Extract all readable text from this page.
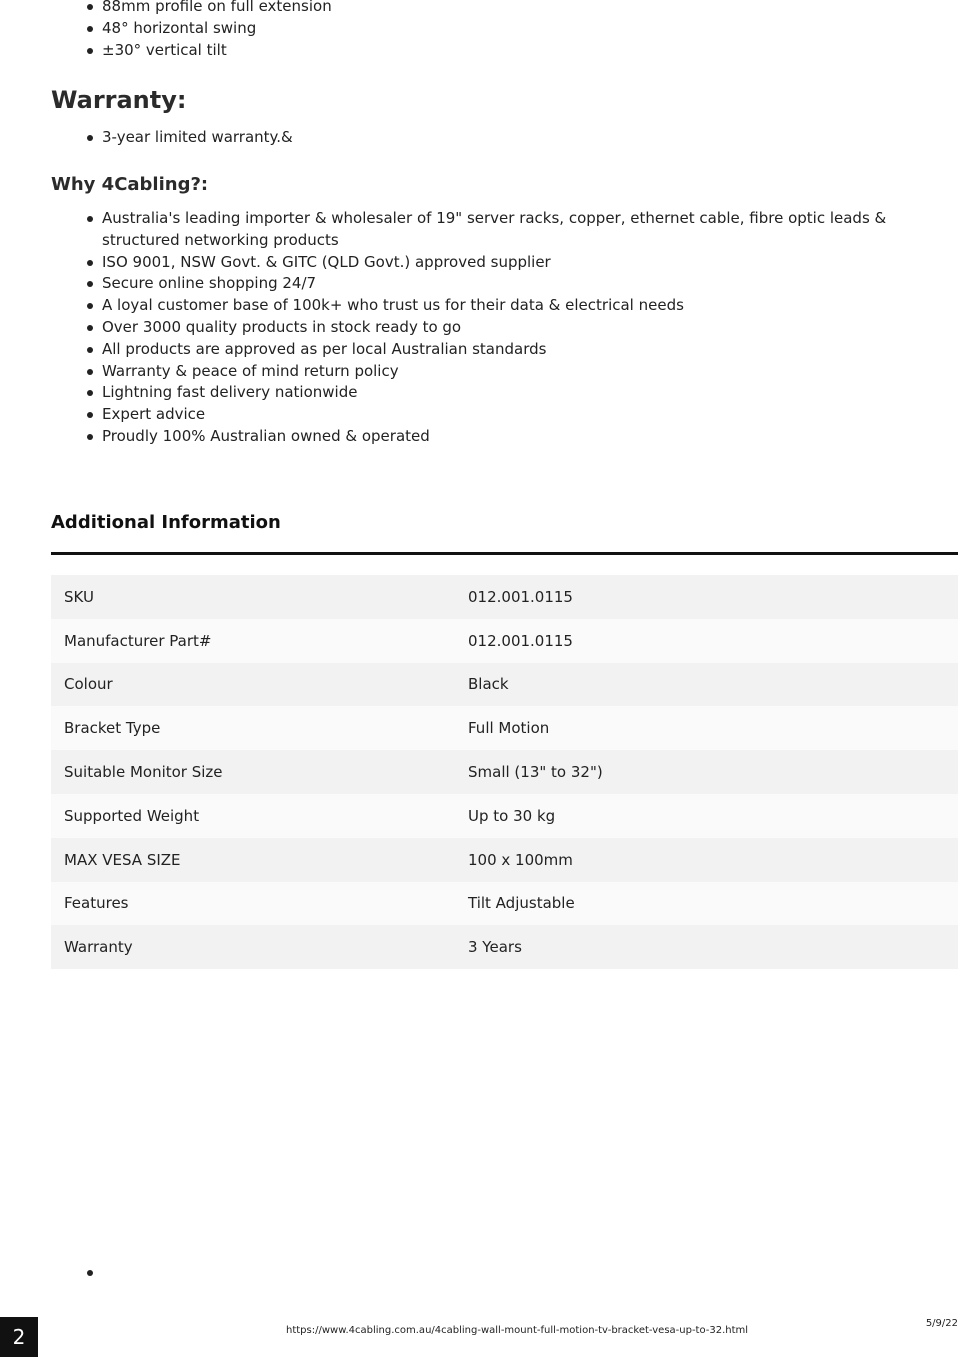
88mm profile on full extension
48° horizontal swing
±30° vertical tilt
Warranty:
3-year limited warranty.&
Why 4Cabling?:
Australia's leading importer & wholesaler of 19" server racks, copper, ethernet cable, fibre optic leads & structured networking products
ISO 9001, NSW Govt. & GITC (QLD Govt.) approved supplier
Secure online shopping 24/7
A loyal customer base of 100k+ who trust us for their data & electrical needs
Over 3000 quality products in stock ready to go
All products are approved as per local Australian standards
Warranty & peace of mind return policy
Lightning fast delivery nationwide
Expert advice
Proudly 100% Australian owned & operated
Additional Information
SKU	012.001.0115
Manufacturer Part#	012.001.0115
Colour	Black
Bracket Type	Full Motion
Suitable Monitor Size	Small (13" to 32")
Supported Weight	Up to 30 kg
MAX VESA SIZE	100 x 100mm
Features	Tilt Adjustable
Warranty	3 Years
2	https://www.4cabling.com.au/4cabling-wall-mount-full-motion-tv-bracket-vesa-up-to-32.html
5/9/22
